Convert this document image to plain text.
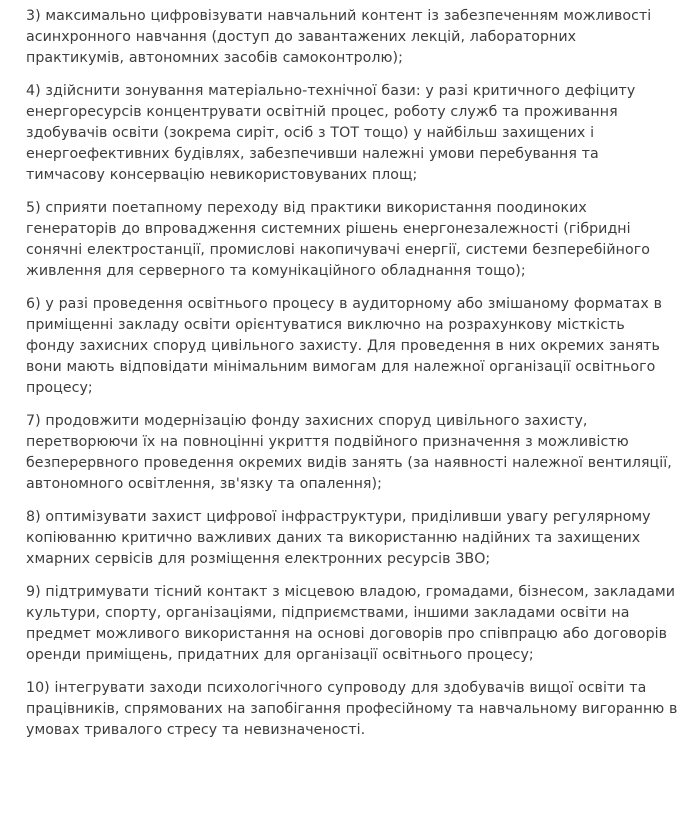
3) максимально цифровізувати навчальний контент із забезпеченням можливості асинхронного навчання (доступ до завантажених лекцій, лабораторних практикумів, автономних засобів самоконтролю);

4) здійснити зонування матеріально-технічної бази: у разі критичного дефіциту енергоресурсів концентрувати освітній процес, роботу служб та проживання здобувачів освіти (зокрема сиріт, осіб з ТОТ тощо) у найбільш захищених і енергоефективних будівлях, забезпечивши належні умови перебування та тимчасову консервацію невикористовуваних площ;

5) сприяти поетапному переходу від практики використання поодиноких генераторів до впровадження системних рішень енергонезалежності (гібридні сонячні електростанції, промислові накопичувачі енергії, системи безперебійного живлення для серверного та комунікаційного обладнання тощо);

6) у разі проведення освітнього процесу в аудиторному або змішаному форматах в приміщенні закладу освіти орієнтуватися виключно на розрахункову місткість фонду захисних споруд цивільного захисту. Для проведення в них окремих занять вони мають відповідати мінімальним вимогам для належної організації освітнього процесу;

7) продовжити модернізацію фонду захисних споруд цивільного захисту, перетворюючи їх на повноцінні укриття подвійного призначення з можливістю безперервного проведення окремих видів занять (за наявності належної вентиляції, автономного освітлення, зв'язку та опалення);

8) оптимізувати захист цифрової інфраструктури, приділивши увагу регулярному копіюванню критично важливих даних та використанню надійних та захищених хмарних сервісів для розміщення електронних ресурсів ЗВО;

9) підтримувати тісний контакт з місцевою владою, громадами, бізнесом, закладами культури, спорту, організаціями, підприємствами, іншими закладами освіти на предмет можливого використання на основі договорів про співпрацю або договорів оренди приміщень, придатних для організації освітнього процесу;

10) інтегрувати заходи психологічного супроводу для здобувачів вищої освіти та працівників, спрямованих на запобігання професійному та навчальному вигоранню в умовах тривалого стресу та невизначеності.
